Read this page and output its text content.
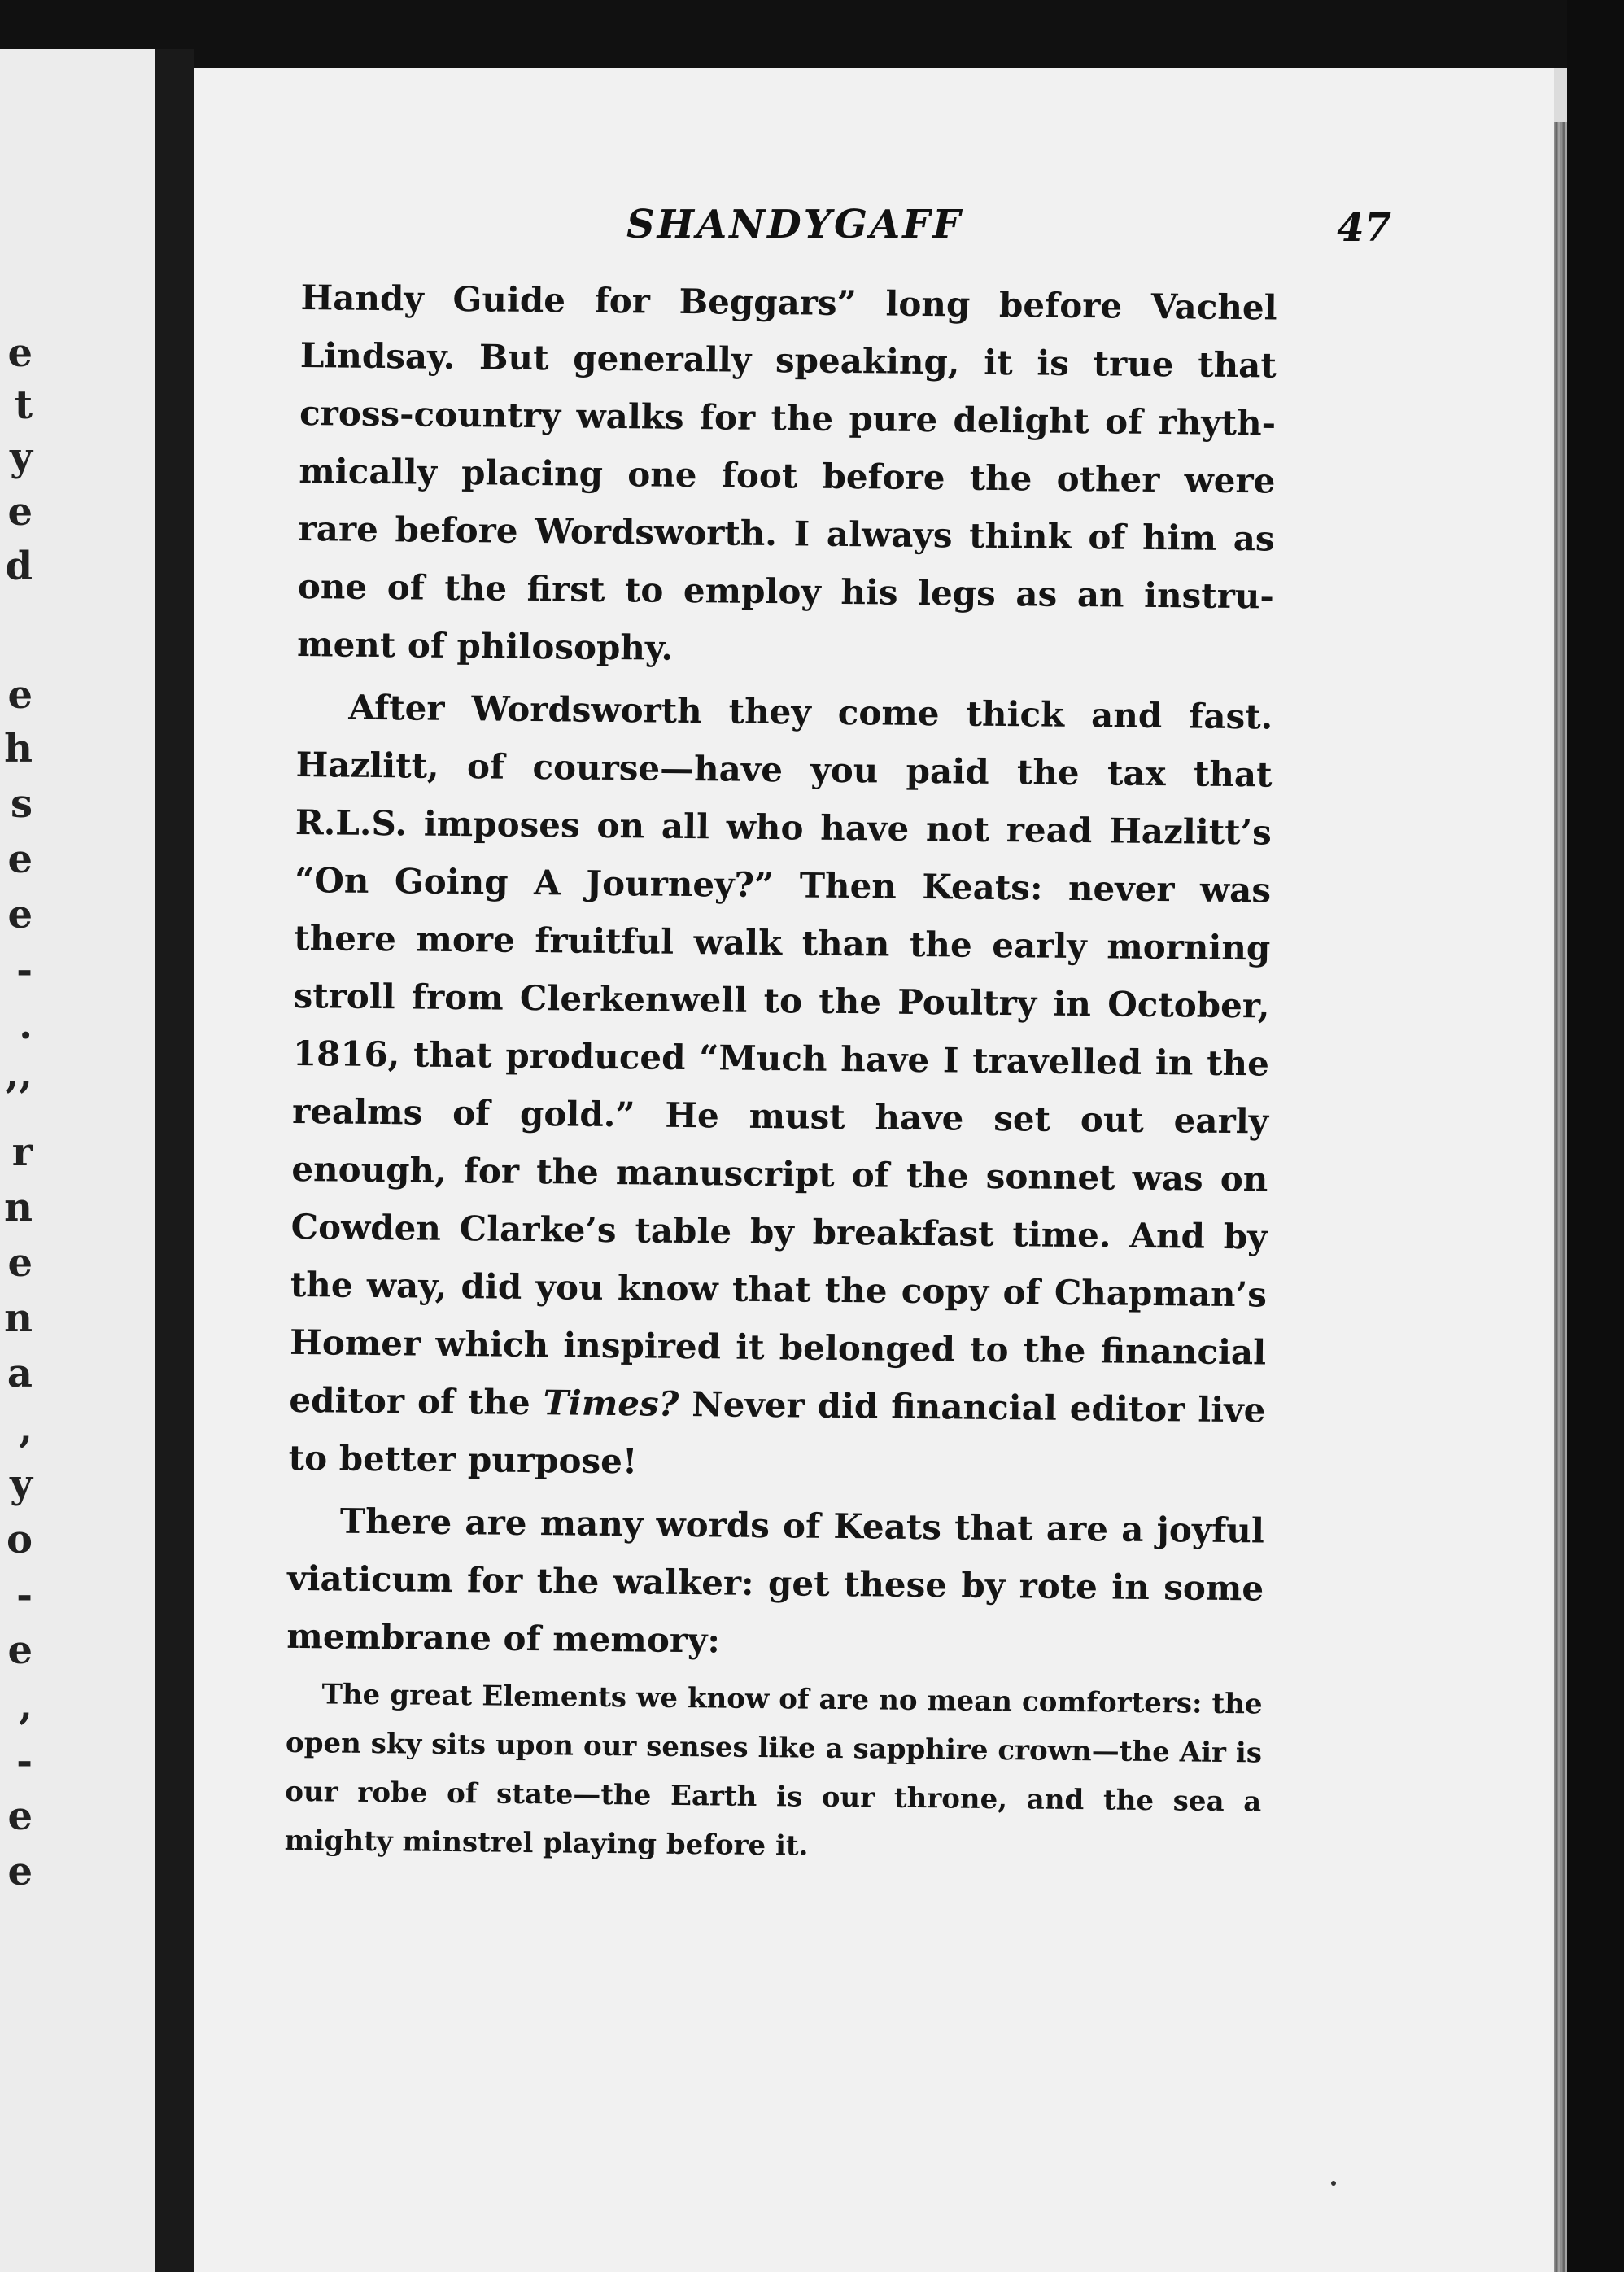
e
t
y
e
d
e
h
s
e
e
-
.
,,
r
n
e
n
a
,
y
o
-
e
,
-
e
e
SHANDYGAFF	47

Handy Guide for Beggars” long before Vachel Lindsay. But generally speaking, it is true that cross-country walks for the pure delight of rhythmically placing one foot before the other were rare before Wordsworth. I always think of him as one of the first to employ his legs as an instrument of philosophy.

After Wordsworth they come thick and fast. Hazlitt, of course—have you paid the tax that R.L.S. imposes on all who have not read Hazlitt’s “On Going A Journey?” Then Keats: never was there more fruitful walk than the early morning stroll from Clerkenwell to the Poultry in October, 1816, that produced “Much have I travelled in the realms of gold.” He must have set out early enough, for the manuscript of the sonnet was on Cowden Clarke’s table by breakfast time. And by the way, did you know that the copy of Chapman’s Homer which inspired it belonged to the financial editor of the Times? Never did financial editor live to better purpose!

There are many words of Keats that are a joyful viaticum for the walker: get these by rote in some membrane of memory:

The great Elements we know of are no mean comforters: the open sky sits upon our senses like a sapphire crown—the Air is our robe of state—the Earth is our throne, and the sea a mighty minstrel playing before it.
